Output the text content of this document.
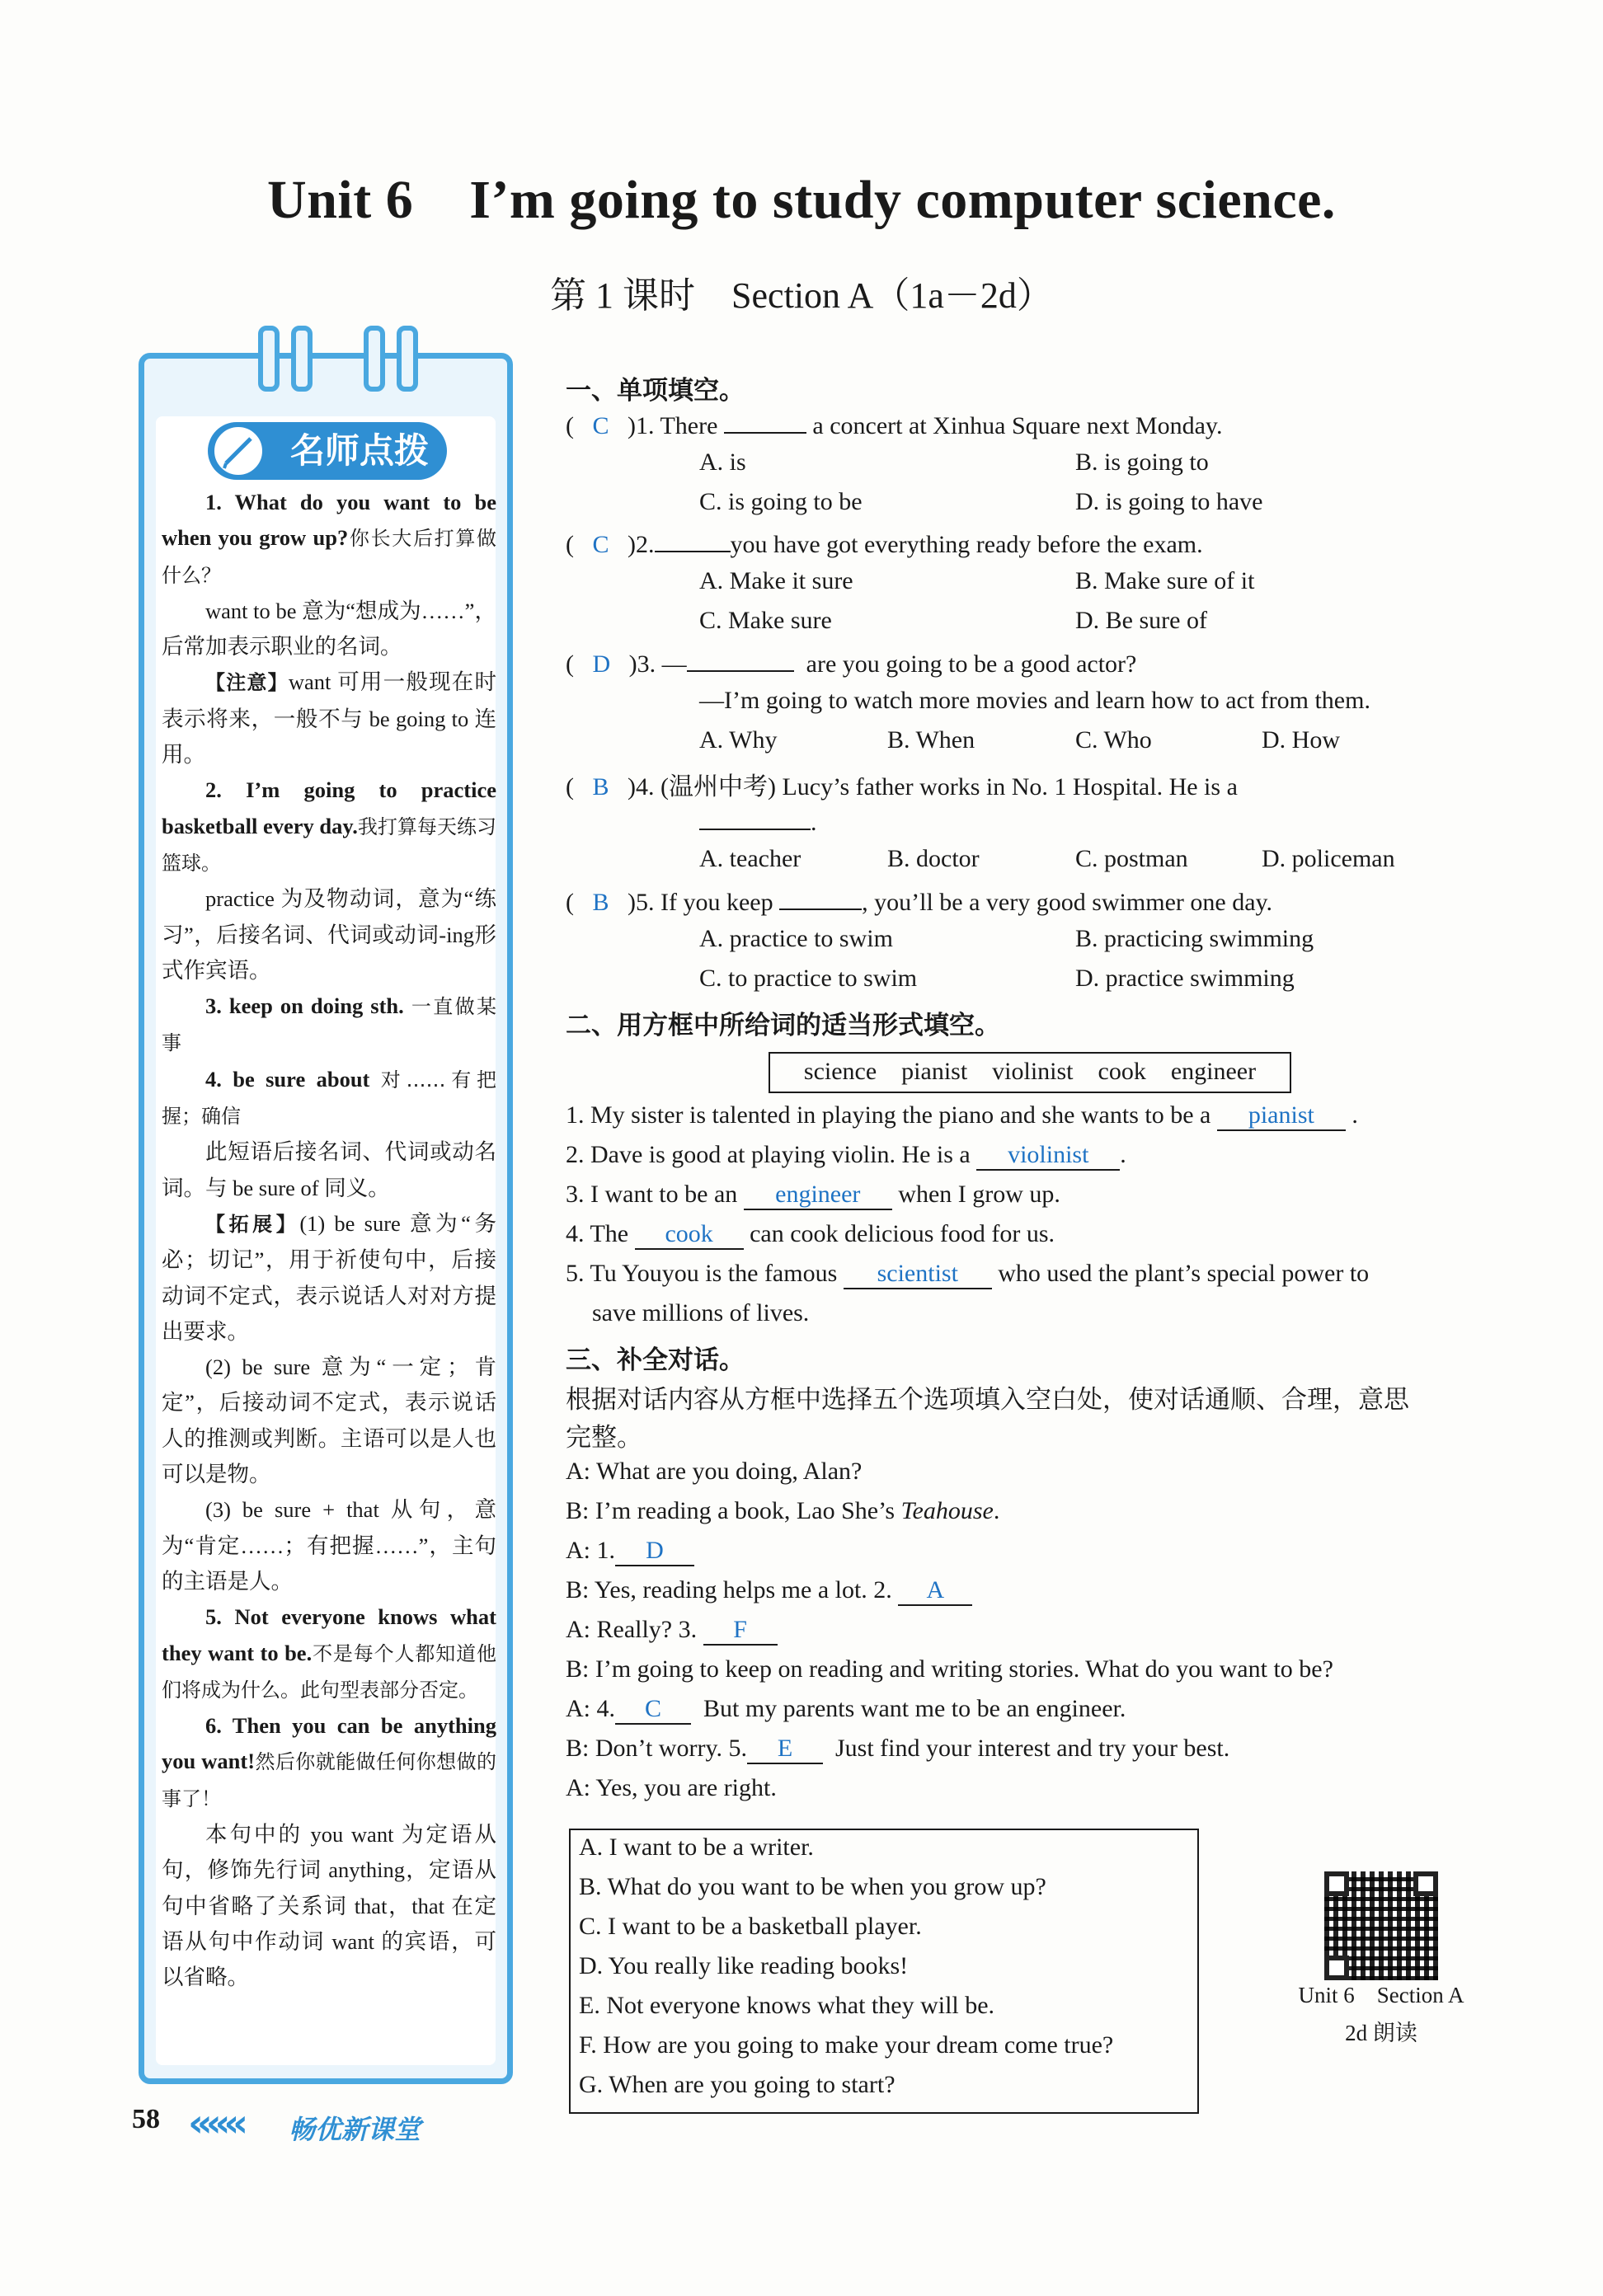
Unit 6    I’m going to study computer science.
第 1 课时    Section A（1a－2d）
名师点拨

1. What do you want to be when you grow up?你长大后打算做什么？

want to be 意为“想成为……”，后常加表示职业的名词。

【注意】want 可用一般现在时表示将来，一般不与 be going to 连用。

2. I’m going to practice basketball every day.我打算每天练习篮球。

practice 为及物动词，意为“练习”，后接名词、代词或动词-ing形式作宾语。

3. keep on doing sth. 一直做某事

4. be sure about 对……有把握；确信

此短语后接名词、代词或动名词。与 be sure of 同义。

【拓展】(1) be sure 意为“务必；切记”，用于祈使句中，后接动词不定式，表示说话人对对方提出要求。

(2) be sure 意为“一定；肯定”，后接动词不定式，表示说话人的推测或判断。主语可以是人也可以是物。

(3) be sure + that 从句，意为“肯定……；有把握……”，主句的主语是人。

5. Not everyone knows what they want to be.不是每个人都知道他们将成为什么。此句型表部分否定。

6. Then you can be anything you want!然后你就能做任何你想做的事了！

本句中的 you want 为定语从句，修饰先行词 anything，定语从句中省略了关系词 that，that 在定语从句中作动词 want 的宾语，可以省略。

58 ««« 畅优新课堂
一、单项填空。
(   C )1. There	a concert at Xinhua Square next Monday.
A. is	B. is going to
C. is going to be	D. is going to have
(   C )2.	you have got everything ready before the exam.
A. Make it sure	B. Make sure of it
C. Make sure	D. Be sure of
(   D )3. —	are you going to be a good actor?
—I’m going to watch more movies and learn how to act from them.
A. Why	B. When	C. Who	D. How
(   B )4. (温州中考) Lucy’s father works in No. 1 Hospital. He is a
.
A. teacher	B. doctor	C. postman	D. policeman
(   B )5. If you keep	, you’ll be a very good swimmer one day.
A. practice to swim	B. practicing swimming
C. to practice to swim	D. practice swimming
二、用方框中所给词的适当形式填空。
science    pianist    violinist    cook    engineer
1. My sister is talented in playing the piano and she wants to be a pianist .
2. Dave is good at playing violin. He is a violinist .
3. I want to be an engineer when I grow up.
4. The cook can cook delicious food for us.
5. Tu Youyou is the famous scientist who used the plant’s special power to
save millions of lives.
三、补全对话。
根据对话内容从方框中选择五个选项填入空白处，使对话通顺、合理，意思
完整。
A: What are you doing, Alan?
B: I’m reading a book, Lao She’s Teahouse.
A: 1. D
B: Yes, reading helps me a lot. 2. A
A: Really? 3. F
B: I’m going to keep on reading and writing stories. What do you want to be?
A: 4. C But my parents want me to be an engineer.
B: Don’t worry. 5. E Just find your interest and try your best.
A: Yes, you are right.
A. I want to be a writer.
B. What do you want to be when you grow up?
C. I want to be a basketball player.
D. You really like reading books!
E. Not everyone knows what they will be.
F. How are you going to make your dream come true?
G. When are you going to start?
Unit 6    Section A
2d 朗读
